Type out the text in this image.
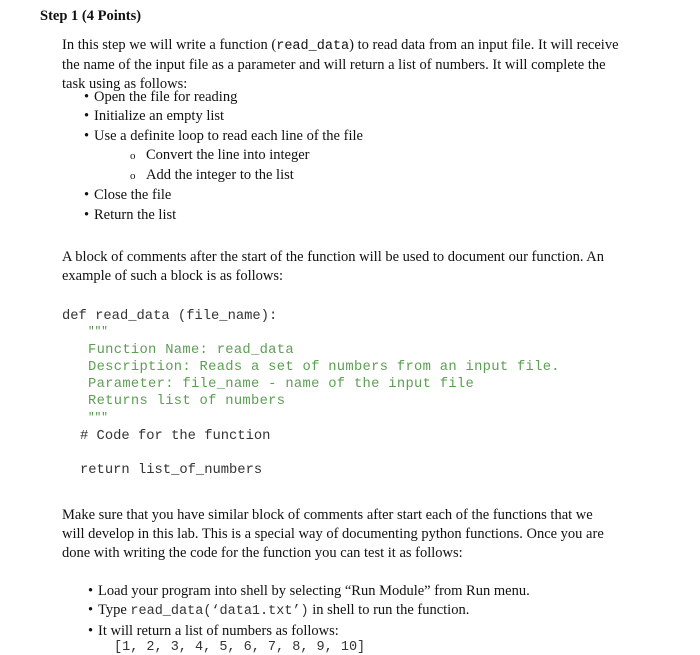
Step 1 (4 Points)
In this step we will write a function (read_data) to read data from an input file. It will receive the name of the input file as a parameter and will return a list of numbers. It will complete the task using as follows:
• Open the file for reading
• Initialize an empty list
• Use a definite loop to read each line of the file
o Convert the line into integer
o Add the integer to the list
• Close the file
• Return the list
A block of comments after the start of the function will be used to document our function. An example of such a block is as follows:
def read_data (file_name):
"""
Function Name: read_data
Description: Reads a set of numbers from an input file.
Parameter: file_name - name of the input file
Returns list of numbers
"""
# Code for the function
return list_of_numbers
Make sure that you have similar block of comments after start each of the functions that we will develop in this lab. This is a special way of documenting python functions. Once you are done with writing the code for the function you can test it as follows:
• Load your program into shell by selecting “Run Module” from Run menu.
• Type read_data(‘data1.txt’) in shell to run the function.
• It will return a list of numbers as follows:
[1, 2, 3, 4, 5, 6, 7, 8, 9, 10]
